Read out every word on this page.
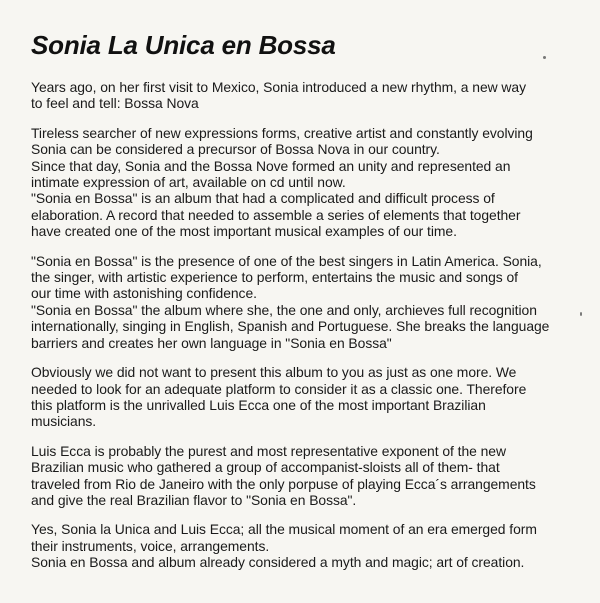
Sonia La Unica en Bossa
Years ago, on her first visit to Mexico, Sonia introduced a new rhythm, a new way
to feel and tell: Bossa Nova
Tireless searcher of new expressions forms, creative artist and constantly evolving
Sonia can be considered a precursor of Bossa Nova in our country.
Since that day, Sonia and the Bossa Nove formed an unity and represented an
intimate expression of art, available on cd until now.
"Sonia en Bossa" is an album that had a complicated and difficult process of
elaboration. A record that needed to assemble a series of elements that together
have created one of the most important musical examples of our time.
"Sonia en Bossa" is the presence of one of the best singers in Latin America. Sonia,
the singer, with artistic experience to perform, entertains the music and songs of
our time with astonishing confidence.
"Sonia en Bossa" the album where she, the one and only, archieves full recognition
internationally, singing in English, Spanish and Portuguese. She breaks the language
barriers and creates her own language in "Sonia en Bossa"
Obviously we did not want to present this album to you as just as one more. We
needed to look for an adequate platform to consider it as a classic one. Therefore
this platform is the unrivalled Luis Ecca one of the most important Brazilian
musicians.
Luis Ecca is probably the purest and most representative exponent of the new
Brazilian music who gathered a group of accompanist-sloists all of them- that
traveled from Rio de Janeiro with the only porpuse of playing Ecca´s arrangements
and give the real Brazilian flavor to "Sonia en Bossa".
Yes, Sonia la Unica and Luis Ecca; all the musical moment of an era emerged form
their instruments, voice, arrangements.
Sonia en Bossa and album already considered a myth and magic; art of creation.
